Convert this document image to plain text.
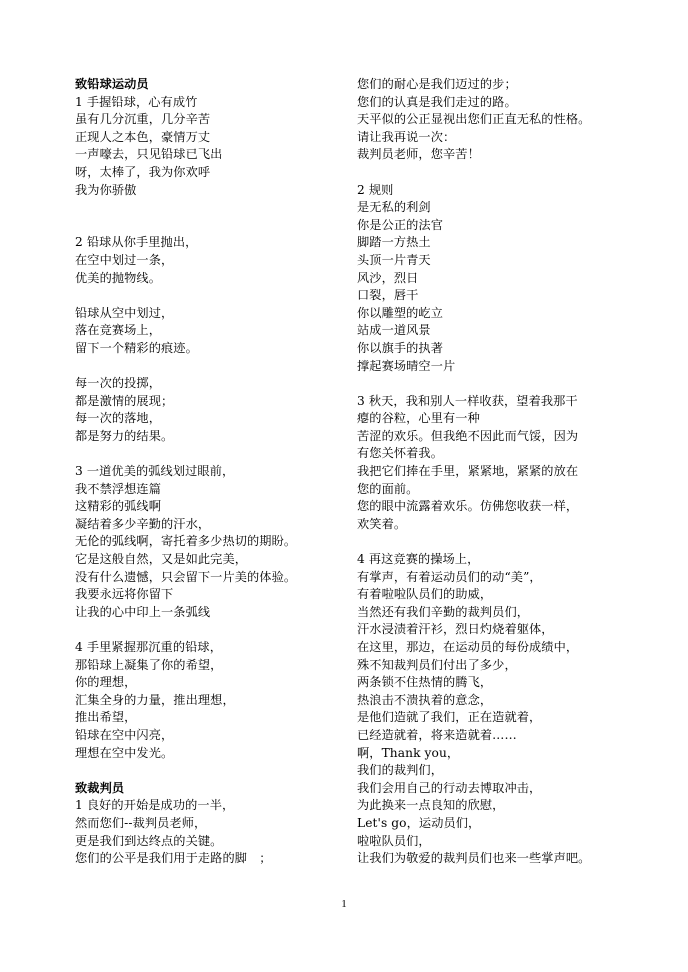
致铅球运动员
1 手握铅球，心有成竹
虽有几分沉重，几分辛苦
正现人之本色，豪情万丈
一声嚎去，只见铅球已飞出
呀，太棒了，我为你欢呼
我为你骄傲
2 铅球从你手里抛出，
在空中划过一条，
优美的抛物线。
铅球从空中划过，
落在竞赛场上，
留下一个精彩的痕迹。
每一次的投掷，
都是激情的展现；
每一次的落地，
都是努力的结果。
3 一道优美的弧线划过眼前，
我不禁浮想连篇
这精彩的弧线啊
凝结着多少辛勤的汗水，
无伦的弧线啊，寄托着多少热切的期盼。
它是这般自然，又是如此完美，
没有什么遗憾，只会留下一片美的体验。
我要永远将你留下
让我的心中印上一条弧线
4 手里紧握那沉重的铅球，
那铅球上凝集了你的希望，
你的理想，
汇集全身的力量，推出理想，
推出希望，
铅球在空中闪亮，
理想在空中发光。
致裁判员
1 良好的开始是成功的一半，
然而您们--裁判员老师，
更是我们到达终点的关键。
您们的公平是我们用于走路的脚　；
您们的耐心是我们迈过的步；
您们的认真是我们走过的路。
天平似的公正显视出您们正直无私的性格。
请让我再说一次：
裁判员老师，您辛苦！
2 规则
是无私的利剑
你是公正的法官
脚踏一方热土
头顶一片青天
风沙，烈日
口裂，唇干
你以雕塑的屹立
站成一道风景
你以旗手的执著
撑起赛场晴空一片
3 秋天，我和别人一样收获，望着我那干
瘪的谷粒，心里有一种
苦涩的欢乐。但我绝不因此而气馁，因为
有您关怀着我。
我把它们捧在手里，紧紧地，紧紧的放在
您的面前。
您的眼中流露着欢乐。仿佛您收获一样，
欢笑着。
4 再这竞赛的操场上，
有掌声，有着运动员们的动“美”，
有着啦啦队员们的助威，
当然还有我们辛勤的裁判员们，
汗水浸渍着汗衫，烈日灼烧着躯体，
在这里，那边，在运动员的每份成绩中，
殊不知裁判员们付出了多少，
两条锁不住热情的腾飞，
热浪击不溃执着的意念，
是他们造就了我们，正在造就着，
已经造就着，将来造就着……
啊，Thank you，
我们的裁判们，
我们会用自己的行动去博取冲击，
为此换来一点良知的欣慰，
Let's go，运动员们，
啦啦队员们，
让我们为敬爱的裁判员们也来一些掌声吧。
1
